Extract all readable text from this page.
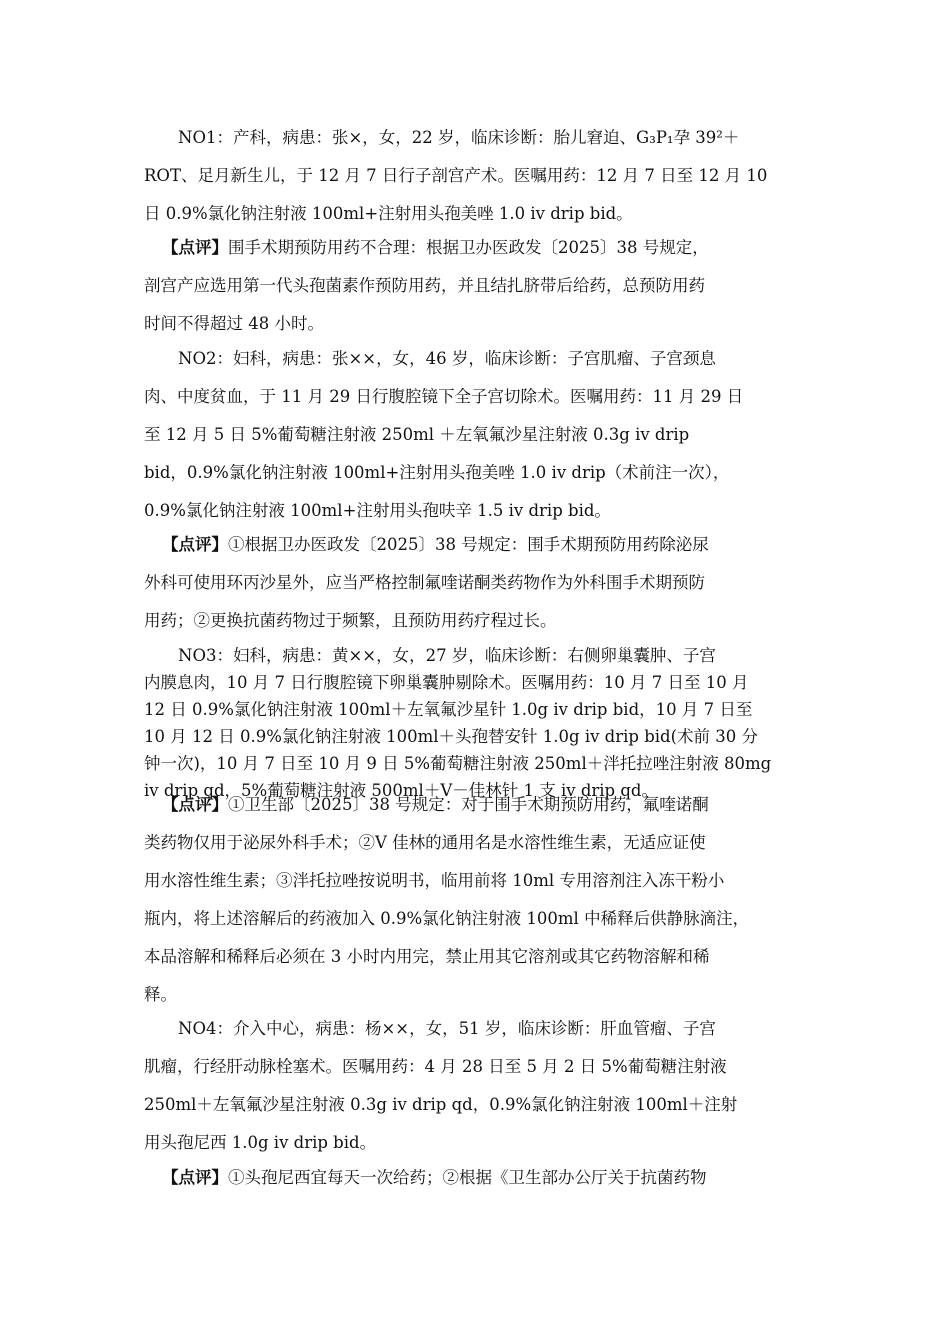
NO1：产科，病患：张×，女，22 岁，临床诊断：胎儿窘迫、G₃P₁孕 39²＋
ROT、足月新生儿，于 12 月 7 日行子剖宫产术。医嘱用药：12 月 7 日至 12 月 10
日 0.9%氯化钠注射液 100ml+注射用头孢美唑 1.0 iv drip bid。
【点评】围手术期预防用药不合理：根据卫办医政发〔2025〕38 号规定，
剖宫产应选用第一代头孢菌素作预防用药，并且结扎脐带后给药，总预防用药
时间不得超过 48 小时。
NO2：妇科，病患：张××，女，46 岁，临床诊断：子宫肌瘤、子宫颈息
肉、中度贫血，于 11 月 29 日行腹腔镜下全子宫切除术。医嘱用药：11 月 29 日
至 12 月 5 日 5%葡萄糖注射液 250ml ＋左氧氟沙星注射液 0.3g iv drip
bid，0.9%氯化钠注射液 100ml+注射用头孢美唑 1.0 iv drip（术前注一次），
0.9%氯化钠注射液 100ml+注射用头孢呋辛 1.5 iv drip bid。
【点评】①根据卫办医政发〔2025〕38 号规定：围手术期预防用药除泌尿
外科可使用环丙沙星外，应当严格控制氟喹诺酮类药物作为外科围手术期预防
用药；②更换抗菌药物过于频繁，且预防用药疗程过长。
NO3：妇科，病患：黄××，女，27 岁，临床诊断：右侧卵巢囊肿、子宫
内膜息肉，10 月 7 日行腹腔镜下卵巢囊肿剔除术。医嘱用药：10 月 7 日至 10 月
12 日 0.9%氯化钠注射液 100ml＋左氧氟沙星针 1.0g iv drip bid，10 月 7 日至
10 月 12 日 0.9%氯化钠注射液 100ml＋头孢替安针 1.0g iv drip bid(术前 30 分
钟一次)，10 月 7 日至 10 月 9 日 5%葡萄糖注射液 250ml＋泮托拉唑注射液 80mg
iv drip qd，5%葡萄糖注射液 500ml＋V－佳林针 1 支 iv drip qd。
【点评】①卫生部〔2025〕38 号规定：对于围手术期预防用药，氟喹诺酮
类药物仅用于泌尿外科手术；②V 佳林的通用名是水溶性维生素，无适应证使
用水溶性维生素；③泮托拉唑按说明书，临用前将 10ml 专用溶剂注入冻干粉小
瓶内，将上述溶解后的药液加入 0.9%氯化钠注射液 100ml 中稀释后供静脉滴注，
本品溶解和稀释后必须在 3 小时内用完，禁止用其它溶剂或其它药物溶解和稀
释。
NO4：介入中心，病患：杨××，女，51 岁，临床诊断：肝血管瘤、子宫
肌瘤，行经肝动脉栓塞术。医嘱用药：4 月 28 日至 5 月 2 日 5%葡萄糖注射液
250ml＋左氧氟沙星注射液 0.3g iv drip qd，0.9%氯化钠注射液 100ml＋注射
用头孢尼西 1.0g iv drip bid。
【点评】①头孢尼西宜每天一次给药；②根据《卫生部办公厅关于抗菌药物
